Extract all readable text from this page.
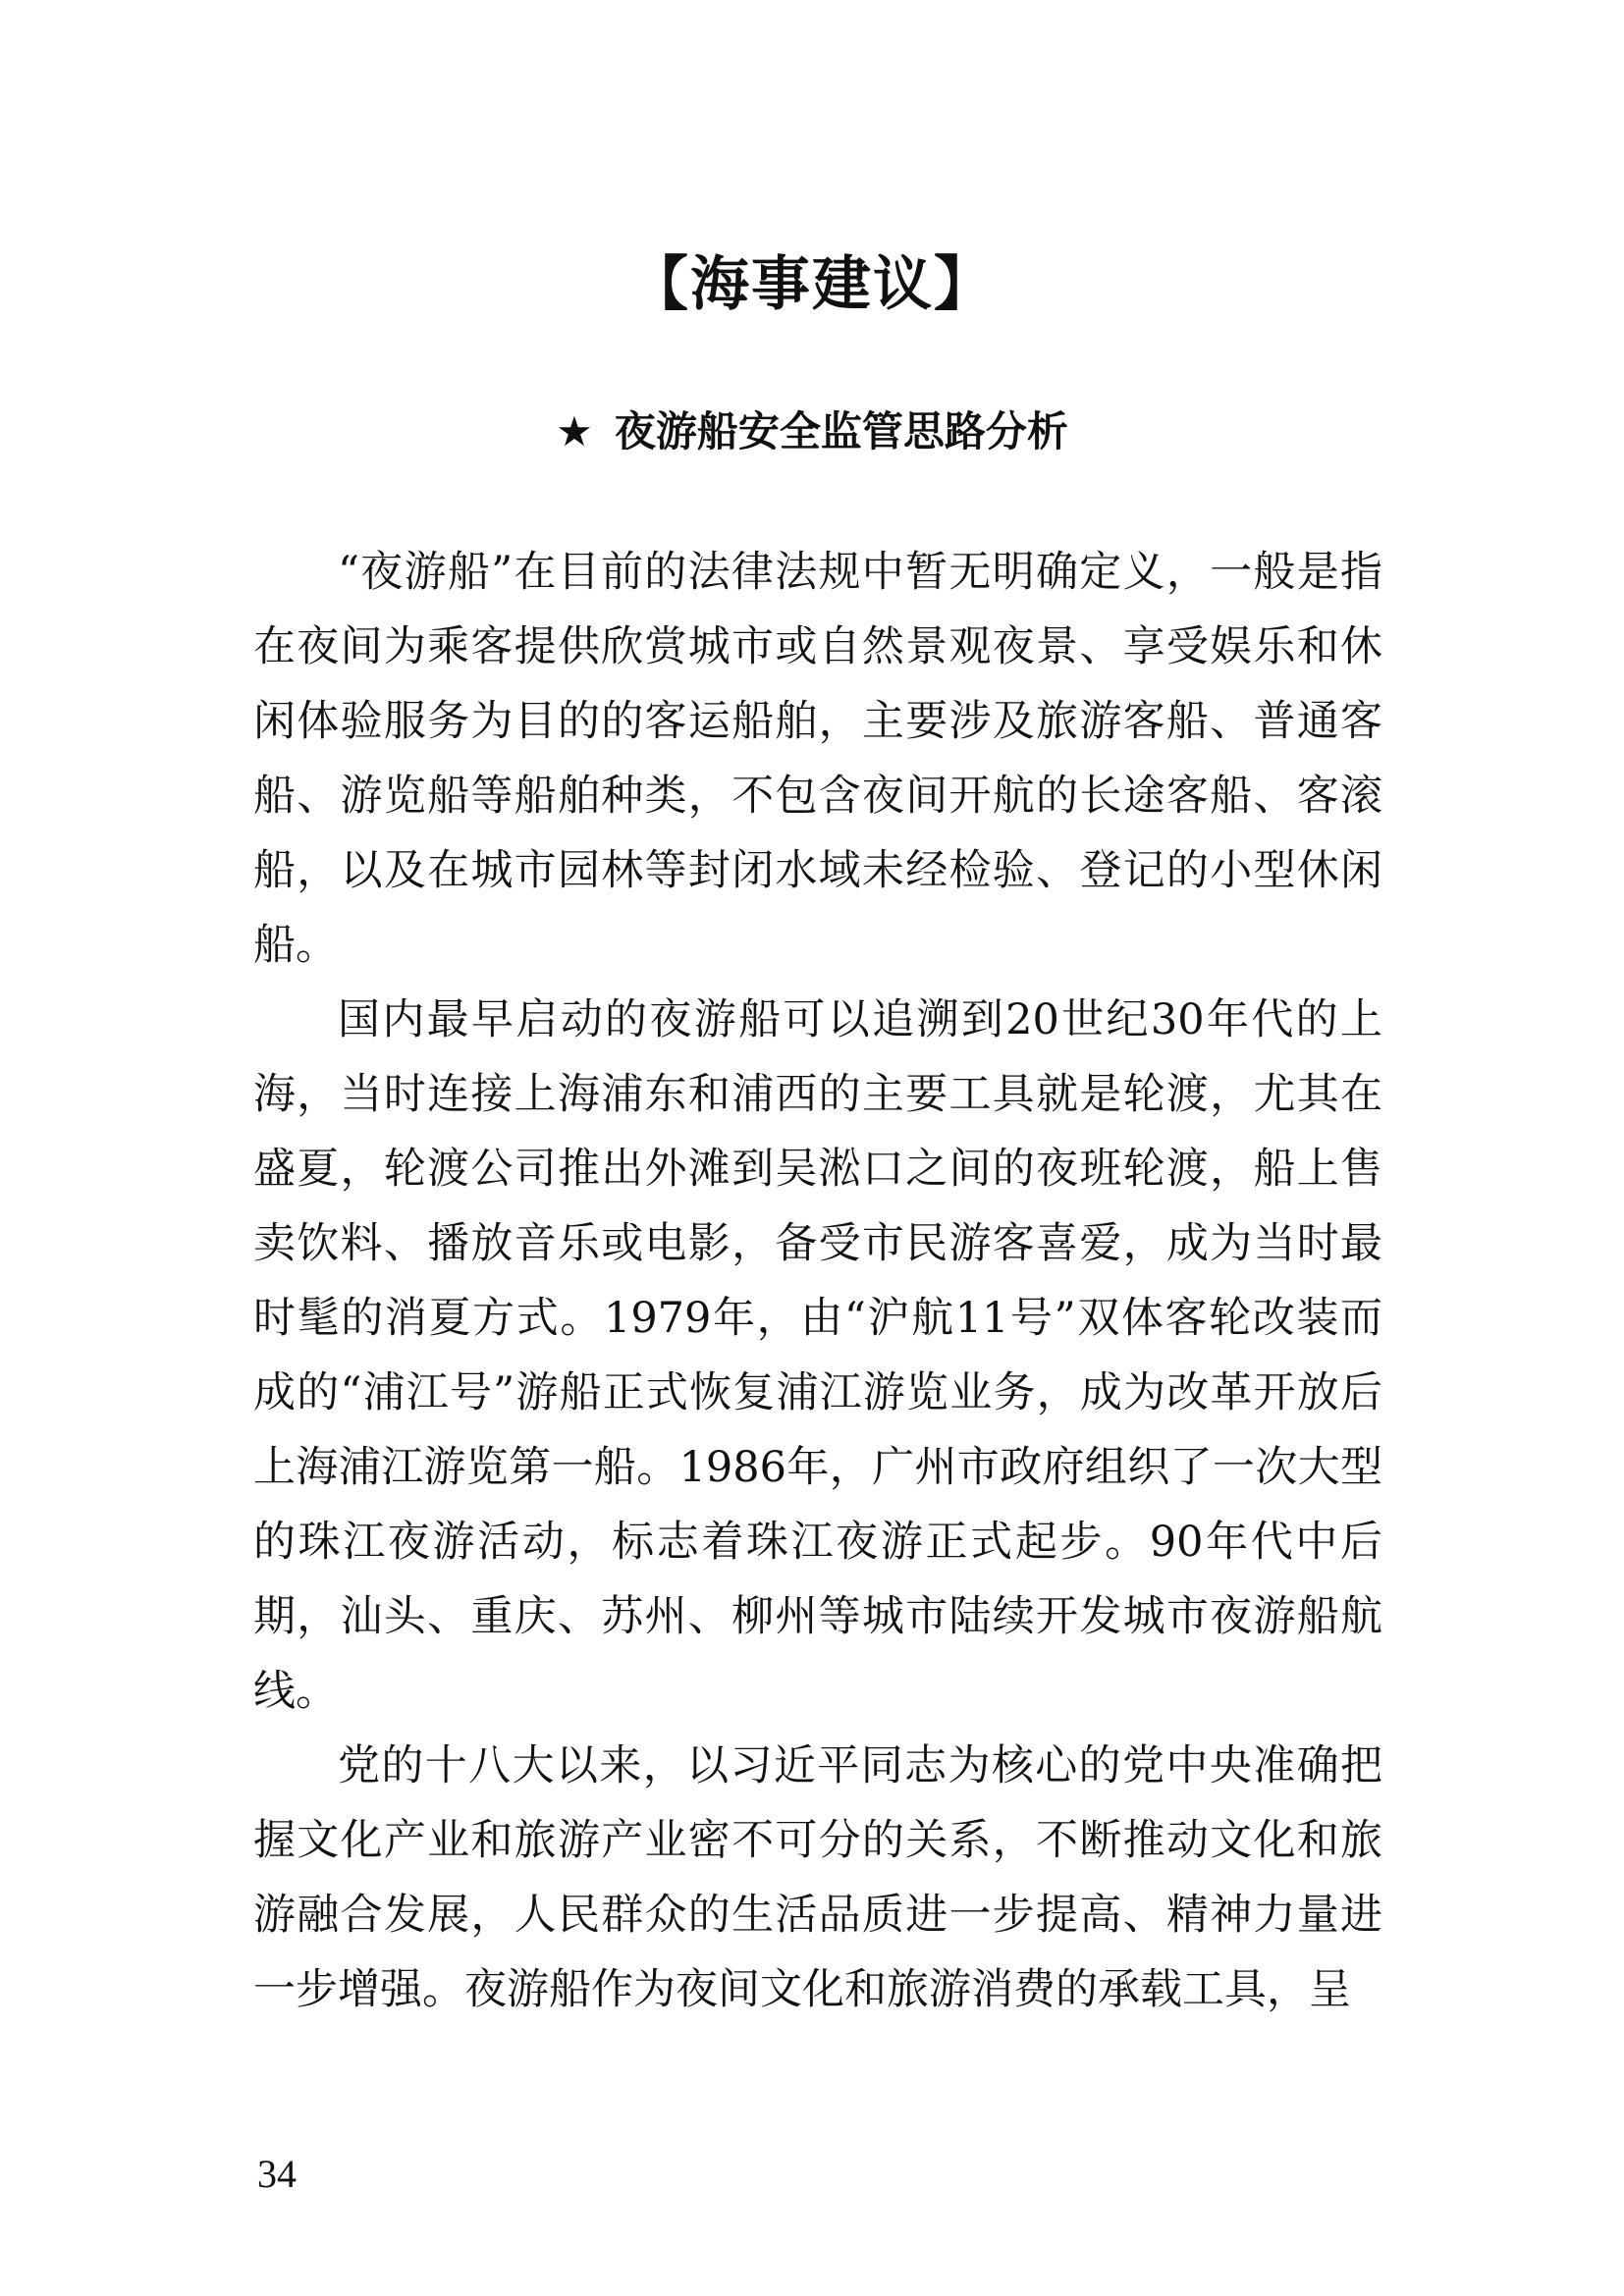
【海事建议】
★ 夜游船安全监管思路分析

“夜游船”在目前的法律法规中暂无明确定义，一般是指在夜间为乘客提供欣赏城市或自然景观夜景、享受娱乐和休闲体验服务为目的的客运船舶，主要涉及旅游客船、普通客船、游览船等船舶种类，不包含夜间开航的长途客船、客滚船，以及在城市园林等封闭水域未经检验、登记的小型休闲船。

国内最早启动的夜游船可以追溯到20世纪30年代的上海，当时连接上海浦东和浦西的主要工具就是轮渡，尤其在盛夏，轮渡公司推出外滩到吴淞口之间的夜班轮渡，船上售卖饮料、播放音乐或电影，备受市民游客喜爱，成为当时最时髦的消夏方式。1979年，由“沪航11号”双体客轮改装而成的“浦江号”游船正式恢复浦江游览业务，成为改革开放后上海浦江游览第一船。1986年，广州市政府组织了一次大型的珠江夜游活动，标志着珠江夜游正式起步。90年代中后期，汕头、重庆、苏州、柳州等城市陆续开发城市夜游船航线。

党的十八大以来，以习近平同志为核心的党中央准确把握文化产业和旅游产业密不可分的关系，不断推动文化和旅游融合发展，人民群众的生活品质进一步提高、精神力量进一步增强。夜游船作为夜间文化和旅游消费的承载工具，呈

34
